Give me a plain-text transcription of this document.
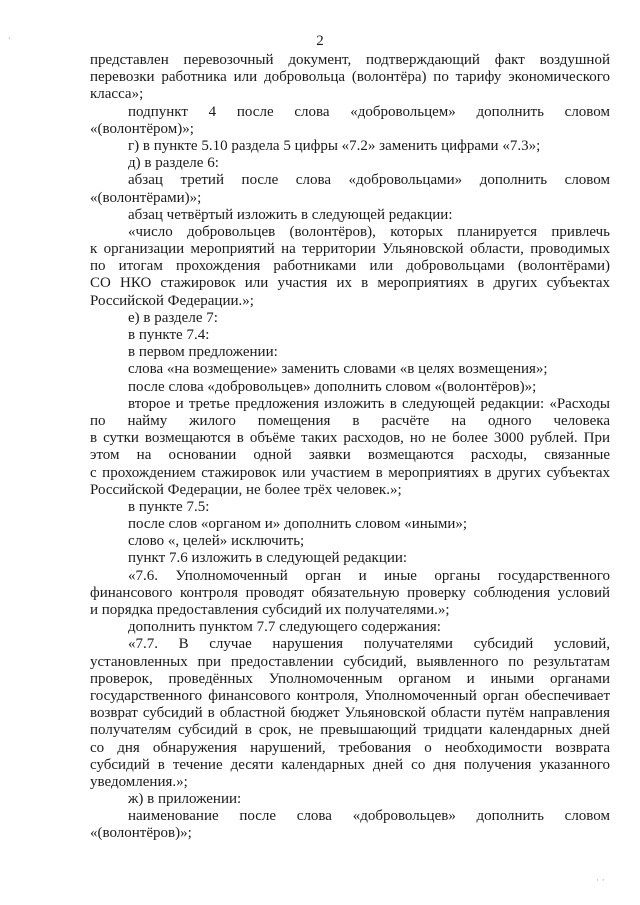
2
представлен перевозочный документ, подтверждающий факт воздушной
перевозки работника или добровольца (волонтёра) по тарифу экономического
класса»;
подпункт 4 после слова «добровольцем» дополнить словом
«(волонтёром)»;
г) в пункте 5.10 раздела 5 цифры «7.2» заменить цифрами «7.3»;
д) в разделе 6:
абзац третий после слова «добровольцами» дополнить словом
«(волонтёрами)»;
абзац четвёртый изложить в следующей редакции:
«число добровольцев (волонтёров), которых планируется привлечь
к организации мероприятий на территории Ульяновской области, проводимых
по итогам прохождения работниками или добровольцами (волонтёрами)
СО НКО стажировок или участия их в мероприятиях в других субъектах
Российской Федерации.»;
е) в разделе 7:
в пункте 7.4:
в первом предложении:
слова «на возмещение» заменить словами «в целях возмещения»;
после слова «добровольцев» дополнить словом «(волонтёров)»;
второе и третье предложения изложить в следующей редакции: «Расходы
по найму жилого помещения в расчёте на одного человека
в сутки возмещаются в объёме таких расходов, но не более 3000 рублей. При
этом на основании одной заявки возмещаются расходы, связанные
с прохождением стажировок или участием в мероприятиях в других субъектах
Российской Федерации, не более трёх человек.»;
в пункте 7.5:
после слов «органом и» дополнить словом «иными»;
слово «, целей» исключить;
пункт 7.6 изложить в следующей редакции:
«7.6. Уполномоченный орган и иные органы государственного
финансового контроля проводят обязательную проверку соблюдения условий
и порядка предоставления субсидий их получателями.»;
дополнить пунктом 7.7 следующего содержания:
«7.7. В случае нарушения получателями субсидий условий,
установленных при предоставлении субсидий, выявленного по результатам
проверок, проведённых Уполномоченным органом и иными органами
государственного финансового контроля, Уполномоченный орган обеспечивает
возврат субсидий в областной бюджет Ульяновской области путём направления
получателям субсидий в срок, не превышающий тридцати календарных дней
со дня обнаружения нарушений, требования о необходимости возврата
субсидий в течение десяти календарных дней со дня получения указанного
уведомления.»;
ж) в приложении:
наименование после слова «добровольцев» дополнить словом
«(волонтёров)»;
·
· ·
